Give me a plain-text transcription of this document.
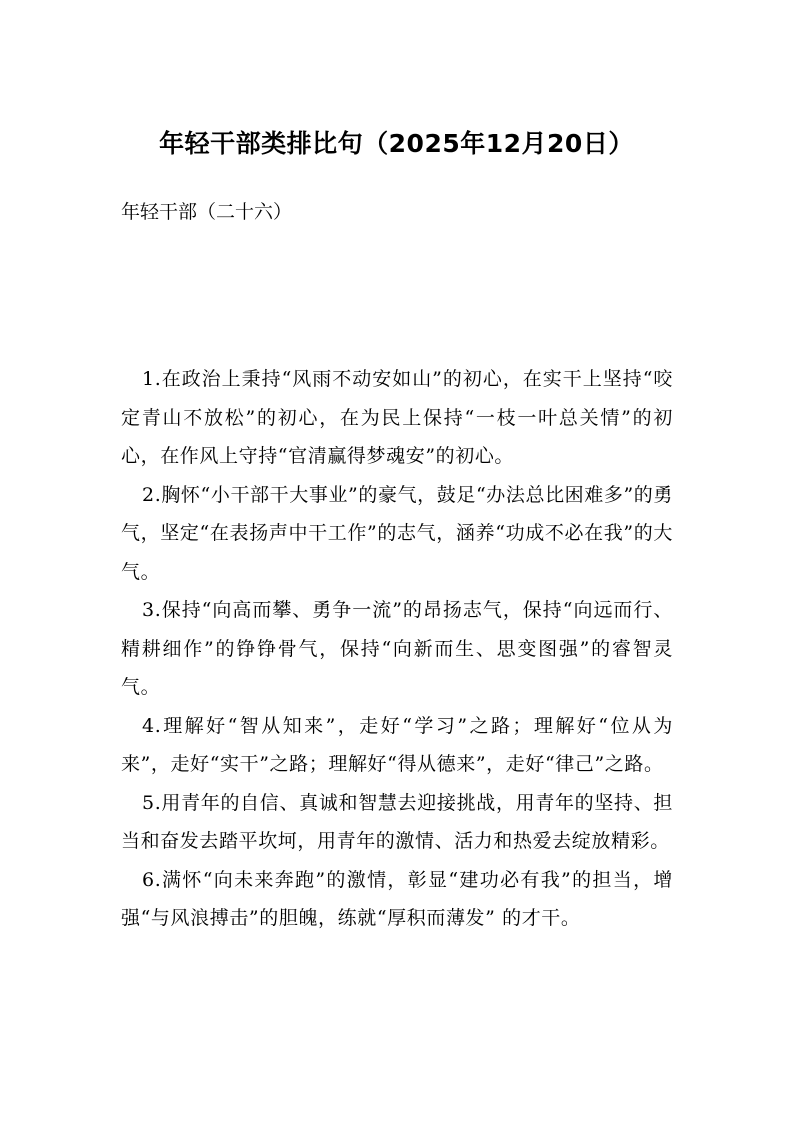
年轻干部类排比句（2025年12月20日）
年轻干部（二十六）

1.在政治上秉持“风雨不动安如山”的初心，在实干上坚持“咬定青山不放松”的初心，在为民上保持“一枝一叶总关情”的初心，在作风上守持“官清赢得梦魂安”的初心。

2.胸怀“小干部干大事业”的豪气，鼓足“办法总比困难多”的勇气，坚定“在表扬声中干工作”的志气，涵养“功成不必在我”的大气。

3.保持“向高而攀、勇争一流”的昂扬志气，保持“向远而行、精耕细作”的铮铮骨气，保持“向新而生、思变图强”的睿智灵气。

4.理解好“智从知来”，走好“学习”之路；理解好“位从为来”，走好“实干”之路；理解好“得从德来”，走好“律己”之路。

5.用青年的自信、真诚和智慧去迎接挑战，用青年的坚持、担当和奋发去踏平坎坷，用青年的激情、活力和热爱去绽放精彩。

6.满怀“向未来奔跑”的激情，彰显“建功必有我”的担当，增强“与风浪搏击”的胆魄，练就“厚积而薄发” 的才干。
